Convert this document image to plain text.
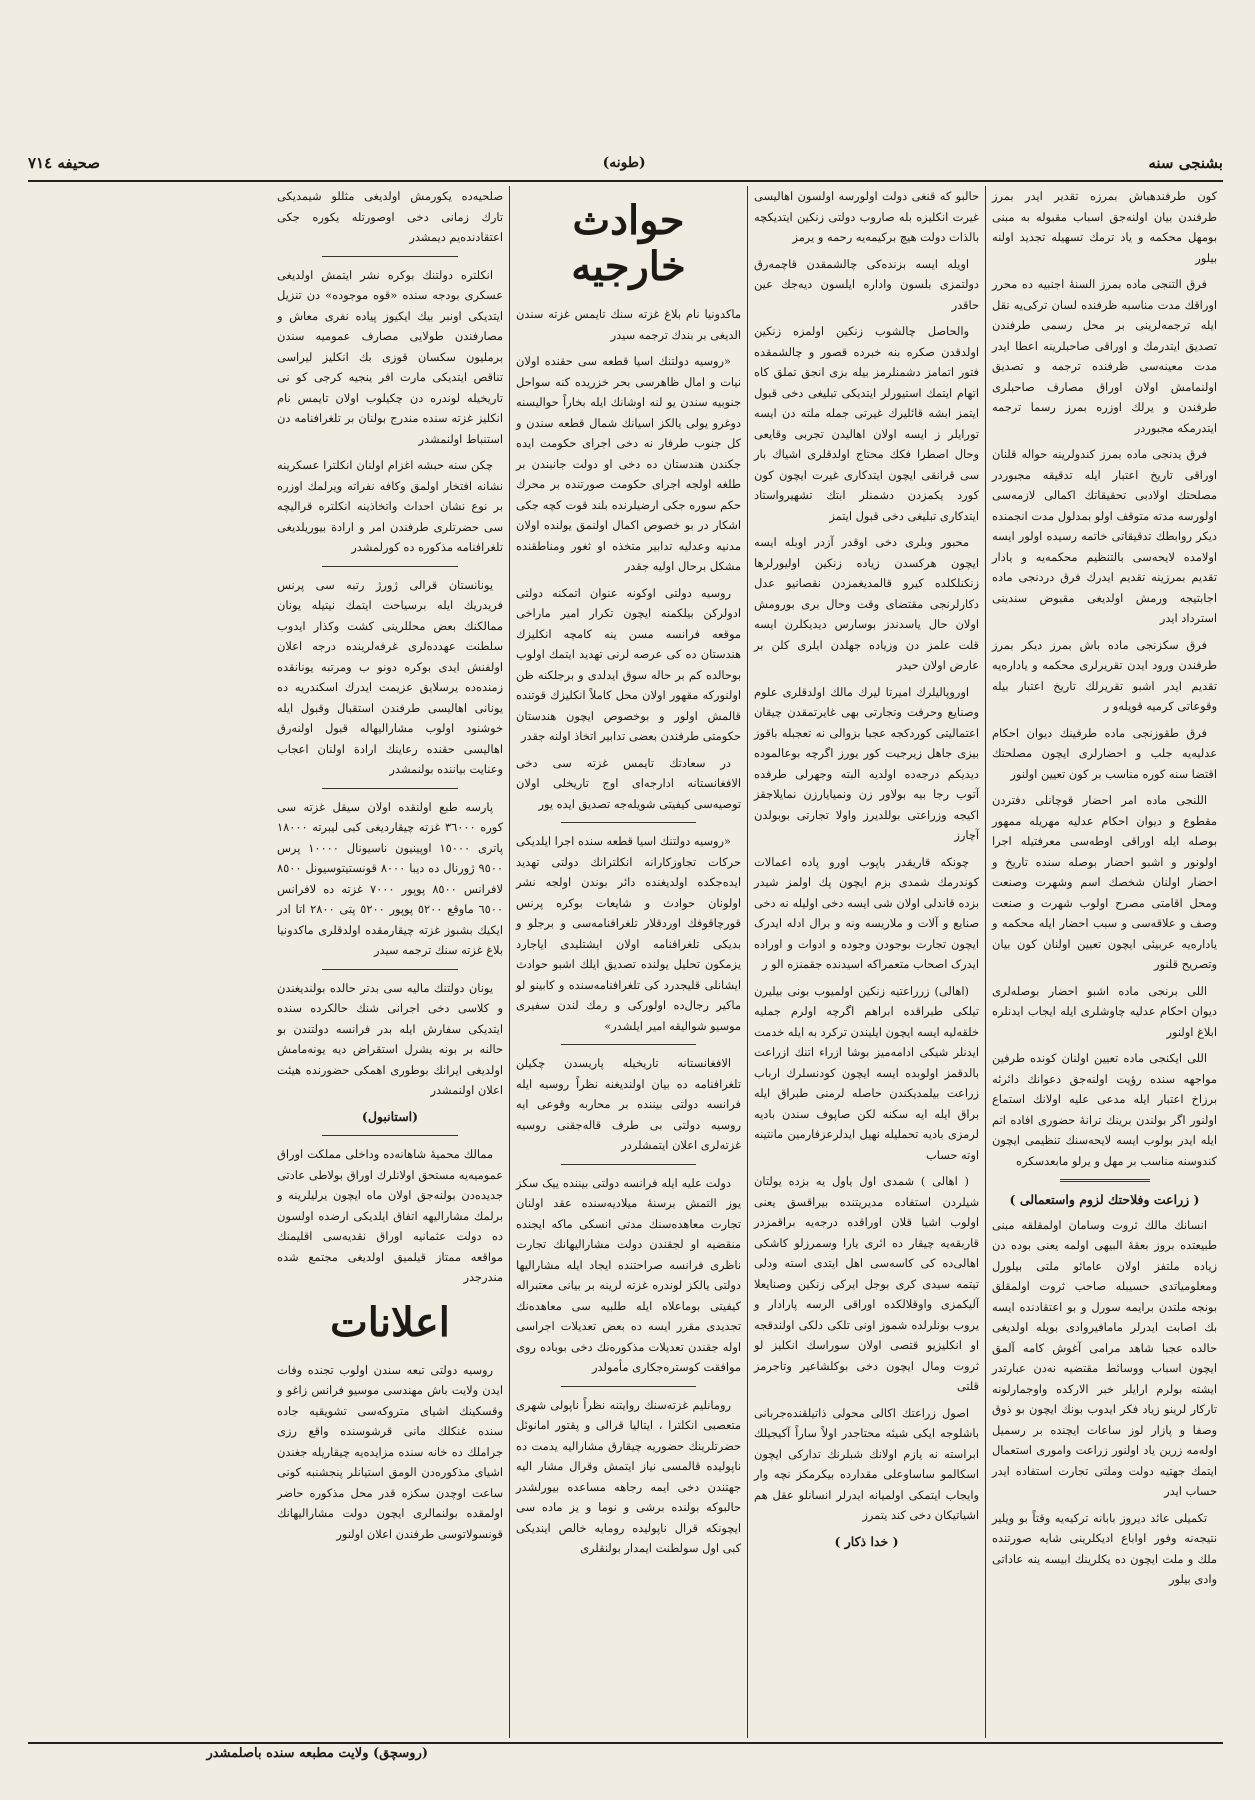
بشنجی سنه
(طونه)
صحيفه ٧١٤

کون طرفندهباش بمرزه تقدیر ایدر بمرز طرفندن بیان اولنه‌جق اسباب مقبوله به مبنی بومهل محکمه و یاد ترمك تسهیله تجدید اولنه بیلور

فرق التنجی ماده بمرز السنهٔ اجنبیه ده محرر اوراقك مدت مناسبه ظرفنده لسان ترکی‌یه نقل ایله ترجمه‌لرینی بر محل رسمی طرفندن تصدیق ایتدرمك و اوراقی صاحبلرینه اعطا ایدر مدت معینه‌سی ظرفنده ترجمه و تصدیق اولنمامش اولان اوراق مصارف صاحبلری طرفندن و یرلك اوزره بمرز رسما ترجمه ایتدرمکه مجبوردر

فرق یدنجی ماده بمرز کندولرینه حواله قلنان اوراقی تاریخ اعتبار ایله تدقیقه مجبوردر مصلحتك اولادبی تحقیقاتك اکمالی لازمه‌سی اولورسه مدته متوقف اولو بمدلول مدت انجمنده دیکر روابطك تدقیقاتی خاتمه رسیده اولور ایسه اولامده لایحه‌سی بالتنظیم محکمه‌یه و یادار تقدیم بمرزینه تقدیم ایدرك فرق دردنجی ماده اجابتیجه ورمش اولدیغی مقبوض سندینی استرداد ایدر

فرق سکزنجی ماده باش بمرز دیکر بمرز طرفندن ورود ایدن تقریرلری محکمه و یاداره‌یه تقدیم ایدر اشبو تقریرلك تاریخ اعتبار بیله وقوعاتی کرمیه قویله‌و ر

فرق طقوزنجی ماده طرفینك دیوان احکام عدلیه‌یه جلب و احضارلری ایچون مصلحتك اقتضا سنه کوره مناسب بر کون تعیین اولنور

اللنجی ماده امر احضار قوچانلی دفتردن مقطوع و دیوان احکام عدلیه مهریله ممهور بوصله ایله اوراقی اوطه‌سی معرفتیله اجرا اولونور و اشبو احضار بوصله سنده تاریخ و احضار اولنان شخصك اسم وشهرت وصنعت ومحل اقامتی مصرح اولوب شهرت و صنعت وصف و علاقه‌سی و سبب احضار ایله محکمه و یاداره‌یه عربیئی ایچون تعیین اولنان کون بیان وتصریح قلنور

اللی برنجی ماده اشبو احضار بوصله‌لری دیوان احکام عدلیه چاوشلری ایله ایجاب ایدنلره ابلاغ اولنور

اللی ایکنجی ماده تعیین اولنان کونده طرفین مواجهه سنده رؤیت اولنه‌جق دعوانك دائرئه برزاخ اعتبار ایله مدعی علیه اولانك استماع اولنور اگر بولندن برینك ترانهٔ حضوری افاده اتم ایله ایدر بولوب ایسه لایحه‌سنك تنظیمی ایچون کندوسنه مناسب بر مهل و یرلو مابعدسکره

( زراعت وفلاحتك لزوم واستعمالی )

انسانك مالك ثروت وسامان اولمقلقه مبنی طبیعتده بروز بعقهٔ البیهی اولمه یعنی بوده دن زیاده ملتفز اولان عامائو ملتی بیلورل ومعلومیاتدی حسیبله صاحب ثروت اولمقلق بونجه ملتدن برایمه سورل و بو اعتقادنده ایسه بك اصابت ایدرلر مامافیروادی بویله اولدیغی حالده عجبا شاهد مرامی آغوش کامه آلمق ایچون اسباب ووسائط مقتضیه نه‌دن عبارتدر ایشته بولرم ارایلر خبر الارکده واوجمارلونه تارکار لرینو زیاد فکر ایدوب بونك ایچون بو ذوق وصفا و پازار لوز ساعات ایچنده بر رسمیل اوله‌مه زرین یاد اولنور زراعت واموری استعمال ایتمك جهتیه دولت وملتی تجارت استفاده ایدر حساب ایدر

تکمیلی عائد دیروز بابانه ترکیه‌یه وقتاً بو ویلیر نتیجه‌نه وفور اواباع ادیکلرینی شایه صورتنده ملك و ملت ایچون ده یکلرینك ابیسه ینه عاداتی وادی بیلور

حالبو که قنغی دولت اولورسه اولسون اهالیسی غیرت انکلیزه بله صاروب دولتی زنکین ایتدیکچه بالذات دولت هیچ برکیمه‌یه رحمه و یرمز

اویله ایسه بزنده‌کی چالشمقدن قاچمه‌رق دولتمزی بلسون واداره ایلسون دیه‌جك عین حاقدر

والحاصل چالشوب زنکین اولمزه زنکین اولدقدن صکره بنه خبرده قصور و چالشمقده فتور اتمامز دشمنلرمز بیله بزی انجق تملق کاه اتهام ایتمك استیورلر ایتدیکی تبلیغی دخی قبول ایتمز ابشه قائلیرك غیرتی جمله ملته دن ایسه تورایلر ز ایسه اولان اهالیدن تجربی وقایعی وحال اصطرا فکك محتاج اولدقلری اشیاك بار سی قرانقی ایچون ایتدکاری غیرت ایچون کون کورد یکمزدن دشمنلر ابتك تشهیرواستاد ایتدکاری تبلیغی دخی قبول ایتمز

محبور وبلری دخی اوقدر آزدر اوبله ایسه ایچون هرکسدن زیاده زنکین اولیورلرها زنکنلکلده کیرو قالمدیغمزدن نقصانیو عدل دکارلرنجی مقتضای وقت وحال بری بورومش اولان حال یاسدندز بوسارس دیدیکلرن ایسه قلت علمز دن وزیاده جهلدن ایلری کلن بر عارض اولان حیدر

اوروپالیلرك امیرتا لیرك مالك اولدقلری علوم وصنایع وحرفت وتجارتی بهی غایرتمقدن چیقان اعتمالیتی کوردکجه عجبا بزوالی نه تعجبله باقوز بیزی جاهل زیرجیت کور یورز اگرچه بوعالموده دیدیکم درجه‌ده اولدیه البته وجهرلی طرفده آتوب رجا بیه بولاور زن ونمیایارزن نمایلاجقز اکیجه وزراعتی بوللدیرز واولا تجارتی بوبولدن آچارز

چونکه قاریقدر یاپوب اورو پاده اعمالات کوندرمك شمدی بزم ایچون پك اولمز شیدر بزده قاندلی اولان شی ایسه دخی اولیله نه دخی صنایع و آلات و ملاریسه ونه و برال ادله ایدرک ایچون تجارت بوجودن وجوده و ادوات و اوراده ایدرک اصحاب متعمراکه اسیدنده جقمنزه الو ر

(اهالی) زرراعتیه زنکین اولمیوب بونی بیلیرن تیلکی طبراقده ابراهم اگرچه اولرم جملیه خلقه‌لیه ایسه ایچون ایلیندن ترکرد به ایله خدمت ایدنلر شیکی ادامه‌میز بوشا ازراء اتنك ازراعت بالدقمز اولوبده ایسه ایچون کودنسلرك ارباب زراعت بیلمدیکندن حاصله لرمنی طبراق ایله براق ایله ایه سکنه لکن صاپوف سندن بادیه لرمزی بادیه تحملیله نهیل ایدلرعزفارمین مانتینه اوته حساب

( اهالی ) شمدی اول یاول یه بزده یولتان شیلردن استفاده مدیریتنده بیراقسق یعنی اولوب اشیا قلان اوراقده درجه‌یه براقمزدر قاربقه‌یه چیقار ده ائری یارا وسمرزلو کاشکی اهالی‌ده کی کاسه‌سی اهل ایتدی استه ودلی تیتمه سیدی کری بوجل ایرکی زنکین وصنایعلا آلیکمزی واوقلالکده اوراقی الرسه پارادار و یروب بونلرلده شموز اونی تلکی دلکی اولندقجه او انکلیزیو قتصی اولان سوراسك انکلیز لو ثروت ومال ایچون دخی بوکلشاعیر وتاجرمز قلتی

اصول زراعتك اکالی محولی ذاتیلقنده‌جربانی باشلوجه ایکی شیئه محتاجدر اولاً ساراً آکیجیلك ابراسته نه یازم اولانك شبلرنك تدارکی ایچون اسکالمو ساساوعلی مقدارده بیکرمکز نچه وار وایجاب ایتمکی اولمیانه ایدرلر انسانلو عقل هم اشیاتیکان دخی کند یتمرز

( خدا ذکار )
حوادث خارجيه

ماکدونیا نام بلاغ غزته سنك تایمس غزته سندن الدیغی بر بندك ترجمه سیدر

«روسیه دولتنك اسیا قطعه سی حقنده اولان نیات و امال ظاهرسی بحر خزریده کنه سواحل جنوبیه سندن یو لنه اوشانك ایله بخاراً حوالیسنه دوغرو یولی یالکز اسیانك شمال قطعه سندن و کل جنوب طرفار نه دخی اجرای حکومت ایده جکندن هندستان ده دخی او دولت جانبندن بر طلغه اولجه اجرای حکومت صورتنده بر محرك حکم سوره جکی ارضیلرنده بلند قوت کچه جکی اشکار در بو خصوص اکمال اولنمق یولنده اولان مدنیه وعدلیه تدابیر متخذه او ثغور ومناطقنده مشکل برحال اولیه جقدر

روسیه دولتی اوکونه عنوان اتمکنه دولتی ادولرکن بیلکمنه ایچون تکرار امیر ماراخی موقعه فرانسه مسن ینه کامچه انکلیزك هندستان ده کی عرصه لرنی تهدید ایتمك اولوب بوحالده کم بر حاله سوق ایدلدی و برجلکنه ظن اولنورکه مقهور اولان محل کاملاً انکلیزك قوتنده قالمش اولور و بوخصوص ایچون هندستان حکومتی طرفندن بعضی تدابیر اتخاذ اولنه جقدر

در سعادتك تایمس غزته سی دخی الافغانستانه ادارجه‌ای اوج تاریخلی اولان توصیه‌سی کیفیتی شویله‌جه تصدیق ایده یور

«روسیه دولتنك اسیا قطعه سنده اجرا ایلدیکی حرکات تجاوزکارانه انکلترانك دولتی تهدید ایده‌جکده اولدیغنده دائر بوندن اولجه نشر اولونان حوادث و شایعات بوکره پرنس قورچاقوفك اوردقلار تلغرافنامه‌سی و برجلو و بدیکی تلغرافنامه اولان ایشتلیدی ایاجارد یزمکون تحلیل یولنده تصدیق ایلك اشبو حوادث ایشانلی قلیجدرد کی تلغرافنامه‌سنده و کابینو لو ماکیر رجال‌ده اولورکی و رمك لندن سفیری موسیو شوالیقه امیر ایلشدر»

الافغانستانه تاریخیله پاریسدن چکیلن تلغرافنامه ده بیان اولندیغنه نظراً روسیه ایله فرانسه دولتی بیننده بر محاربه وقوعی ایه روسیه دولتی بی طرف قاله‌جقنی روسیه غزته‌لری اعلان ایتمشلردر

دولت علیه ایله فرانسه دولتی بیننده ییک سکز یوز التمش برسنهٔ میلادیه‌سنده عقد اولنان تجارت معاهده‌سنك مدتی انسکی ماکه ایجنده منقضیه او لجقندن دولت مشارالیهانك تجارت ناظری فرانسه صراحتنده ایجاد ایله مشارالیها دولتی یالکز لوندره غزته لرینه بر بیانی معتبراله کیفیتی بوماعلاه ایله طلبیه سی معاهده‌نك تجدیدی مقرر ایسه ده بعض تعدیلات اجراسی اوله جقندن تعدیلات مذکوره‌نك دخی بوباده روی موافقت کوستره‌جکاری مأمولدر

رومانلیم غزته‌سنك روایتنه نظراً ناپولی شهری متعصبی انکلترا ، ایتالیا قرالی و پقتور امانوئل حضرتلرینك حضوریه چیقارق مشارالیه یدمت ده ناپولیده قالمسی نیاز ایتمش وقرال مشار الیه جهتندن دخی ایمه رجاهه مساعده بیورلشدر حالبوکه بولنده برشی و نوما و یز ماده سی ایچونکه قرال ناپولیده رومایه خالص ایندیکی کبی اول سولطنت ایمدار بولنقلری

صلحیه‌ده یکورمش اولدیغی مثللو شیمدیکی تارك زمانی دخی اوصورتله یکوره جکی اعتقادنده‌یم دیمشدر

انکلتره دولتنك بوکره نشر ایتمش اولدیغی عسکری بودجه سنده «قوه موجوده» دن تنزیل ایتدیکی اونبر بیك ایکیوز پیاده نفری معاش و مصارفندن طولایی مصارف عمومیه سندن برملیون سکسان قوزی بك انکلیز لیراسی تناقص ایتدیکی مارت افر ینجیه کرجی کو نی تاریخیله لوندره دن چکیلوب اولان تایمس نام انکلیز غزته سنده مندرج بولنان بر تلغرافنامه دن استنباط اولنمشدر

چکن سنه حبشه اغزام اولنان انکلترا عسکرینه نشانه افتخار اولمق وکافه نفراته ویرلمك اوزره بر نوع نشان احداث واتخاذینه انکلتره قرالیچه سی حضرتلری طرفندن امر و ارادة بیوریلدیغی تلغرافنامه مذکوره ده کورلمشدر

یونانستان قرالی ژورژ رتبه سی پرنس فریدریك ایله برسیاحت ایتمك نیتیله یونان ممالکنك بعض محللرینی کشت وکذار ایدوب سلطنت عهدده‌لری غرفه‌لرینده درجه اعلان اولفنش ایدی بوکره دونو ب ومرتبه یونانقده زمنده‌ده یرسلایق عزیمت ایدرك اسکندریه ده یونانی اهالیسی طرفندن استقبال وقبول ایله خوشنود اولوب مشارالیهاله قبول اولنه‌رق اهالیسی حقنده رعاینك ارادة اولنان اعجاب وعنایت بیاننده بولنمشدر

پارسه طبع اولنقده اولان سیقل غزته سی کوره ٣٦٠٠٠ غزته چیقاردیغی کبی لیبرته ١٨٠٠٠ پاتری ١٥٠٠٠ اوپینیون ناسیونال ١٠٠٠٠ پرس ٩٥٠٠ ژورنال ده دیبا ٨٠٠٠ قونستیتوسیونل ٨٥٠٠ لافرانس ٨٥٠٠ پوپور ٧٠٠٠ غزته ده لافرانس ٦٥٠٠ ماوقع ٥٢٠٠ پوپور ٥٢٠٠ پتی ٢٨٠٠ اتا ادر ایکیك بشبوز غزته چیقارمقده اولدقلری ماکدونیا بلاغ غزته سنك ترجمه سیدر

یونان دولتنك مالیه سی بدتر حالده بولندیغندن و کلاسی دخی اجرانی شنك حالکرده سنده ایتدیکی سفارش ایله بدر فرانسه دولتندن بو حالنه بر بونه یشرل استقراض دیه یونه‌مامش اولدیغی ایرانك بوطوری اهمکی حضورنده هیئت اعلان اولنمشدر

(استانبول)

ممالك محمیهٔ شاهانه‌ده وداخلی مملکت اوراق عمومیه‌یه مستحق اولانلرك اوراق بولاطی عادتی جدیده‌دن بولنه‌جق اولان ماه ایچون یرلیلرینه و برلمك مشارالیهه اتفاق ایلدیکی ارضده اولسون ده دولت عثمانیه اوراق نقدیه‌سی اقلیمنك مواقعه ممتاز قیلمیق اولدیغی مجتمع شده مندرجدر

اعلانات

روسیه دولتی تبعه سندن اولوب تجنده وفات ایدن ولایت باش مهندسی موسیو فرانس زاغو و وقسکینك اشیای متروکه‌سی تشویقیه جاده سنده غنکلك مانی قرشوسنده واقع رزی جراملك ده خانه سنده مزایده‌یه چیقاریله جغندن اشیای مذکوره‌دن الومق استیانلر پنجشنبه کونی ساعت اوچدن سکزه قدر محل مذکوره حاضر اولمقده بولنمالری ایچون دولت مشارالیهانك قونسولاتوسی طرفندن اعلان اولنور

(روسچق) ولایت مطبعه سنده باصلمشدر
